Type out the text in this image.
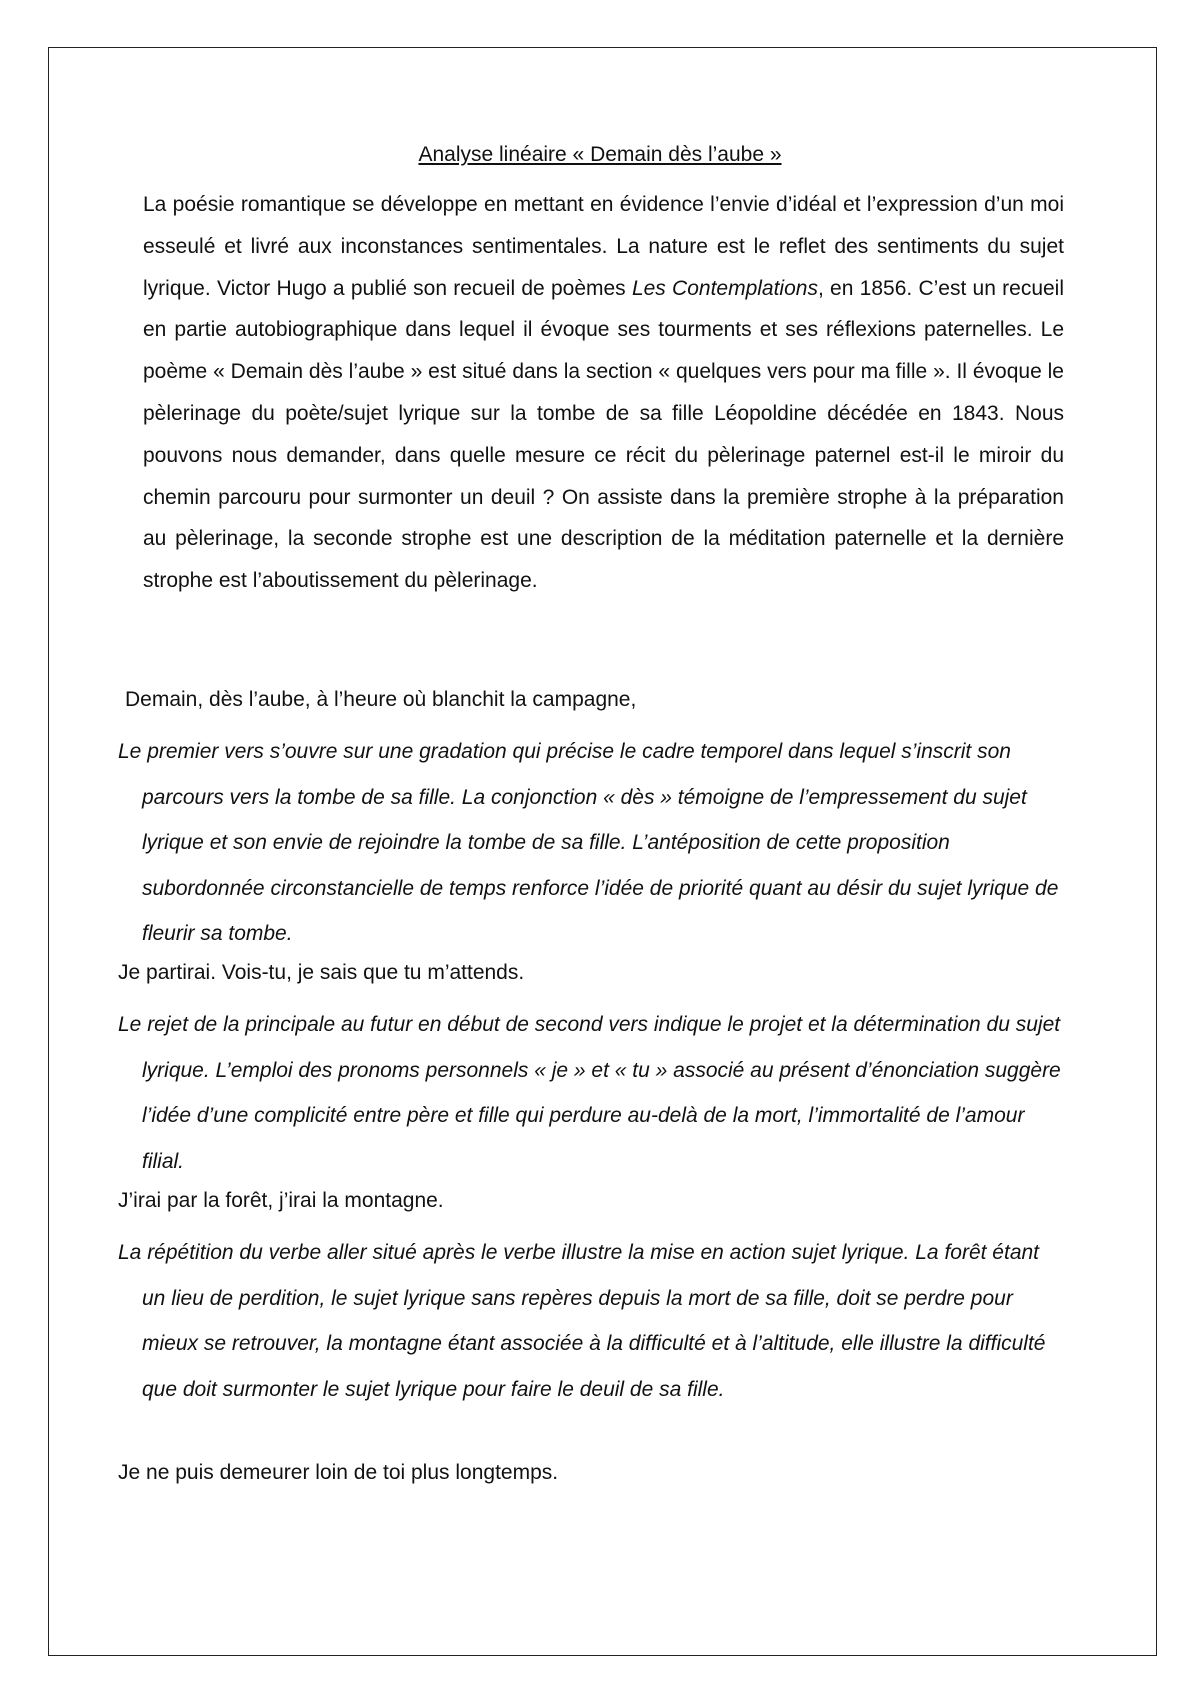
Analyse linéaire « Demain dès l’aube »

La poésie romantique se développe en mettant en évidence l’envie d’idéal et l’expression d’un moi esseulé et livré aux inconstances sentimentales. La nature est le reflet des sentiments du sujet lyrique. Victor Hugo a publié son recueil de poèmes Les Contemplations, en 1856. C’est un recueil en partie autobiographique dans lequel il évoque ses tourments et ses réflexions paternelles. Le poème « Demain dès l’aube » est situé dans la section « quelques vers pour ma fille ». Il évoque le pèlerinage du poète/sujet lyrique sur la tombe de sa fille Léopoldine décédée en 1843. Nous pouvons nous demander, dans quelle mesure ce récit du pèlerinage paternel est-il le miroir du chemin parcouru pour surmonter un deuil ? On assiste dans la première strophe à la préparation au pèlerinage, la seconde strophe est une description de la méditation paternelle et la dernière strophe est l’aboutissement du pèlerinage.

Demain, dès l’aube, à l’heure où blanchit la campagne,

Le premier vers s’ouvre sur une gradation qui précise le cadre temporel dans lequel s’inscrit son parcours vers la tombe de sa fille. La conjonction « dès » témoigne de l’empressement du sujet lyrique et son envie de rejoindre la tombe de sa fille. L’antéposition de cette proposition subordonnée circonstancielle de temps renforce l’idée de priorité quant au désir du sujet lyrique de fleurir sa tombe.

Je partirai. Vois-tu, je sais que tu m’attends.

Le rejet de la principale au futur en début de second vers indique le projet et la détermination du sujet lyrique. L’emploi des pronoms personnels « je » et « tu » associé au présent d’énonciation suggère l’idée d’une complicité entre père et fille qui perdure au-delà de la mort, l’immortalité de l’amour filial.

J’irai par la forêt, j’irai la montagne.

La répétition du verbe aller situé après le verbe illustre la mise en action sujet lyrique. La forêt étant un lieu de perdition, le sujet lyrique sans repères depuis la mort de sa fille, doit se perdre pour mieux se retrouver, la montagne étant associée à la difficulté et à l’altitude, elle illustre la difficulté que doit surmonter le sujet lyrique pour faire le deuil de sa fille.

Je ne puis demeurer loin de toi plus longtemps.
